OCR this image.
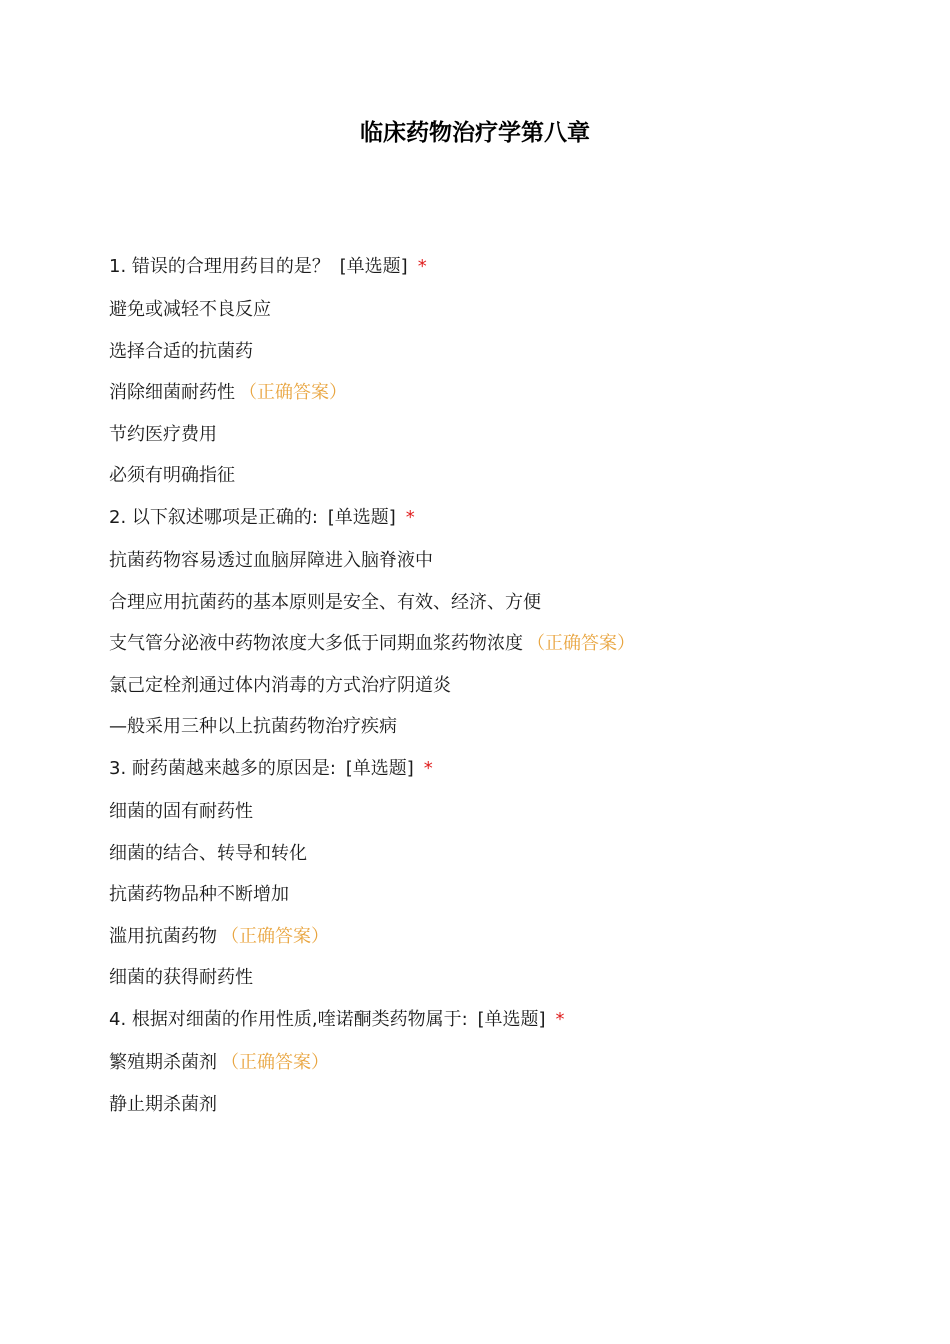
临床药物治疗学第八章
1. 错误的合理用药目的是？ [单选题] *
避免或减轻不良反应
选择合适的抗菌药
消除细菌耐药性 （正确答案）
节约医疗费用
必须有明确指征
2. 以下叙述哪项是正确的: [单选题] *
抗菌药物容易透过血脑屏障进入脑脊液中
合理应用抗菌药的基本原则是安全、有效、经济、方便
支气管分泌液中药物浓度大多低于同期血浆药物浓度 （正确答案）
氯己定栓剂通过体内消毒的方式治疗阴道炎
—般采用三种以上抗菌药物治疗疾病
3. 耐药菌越来越多的原因是: [单选题] *
细菌的固有耐药性
细菌的结合、转导和转化
抗菌药物品种不断增加
滥用抗菌药物 （正确答案）
细菌的获得耐药性
4. 根据对细菌的作用性质,喹诺酮类药物属于: [单选题] *
繁殖期杀菌剂 （正确答案）
静止期杀菌剂
